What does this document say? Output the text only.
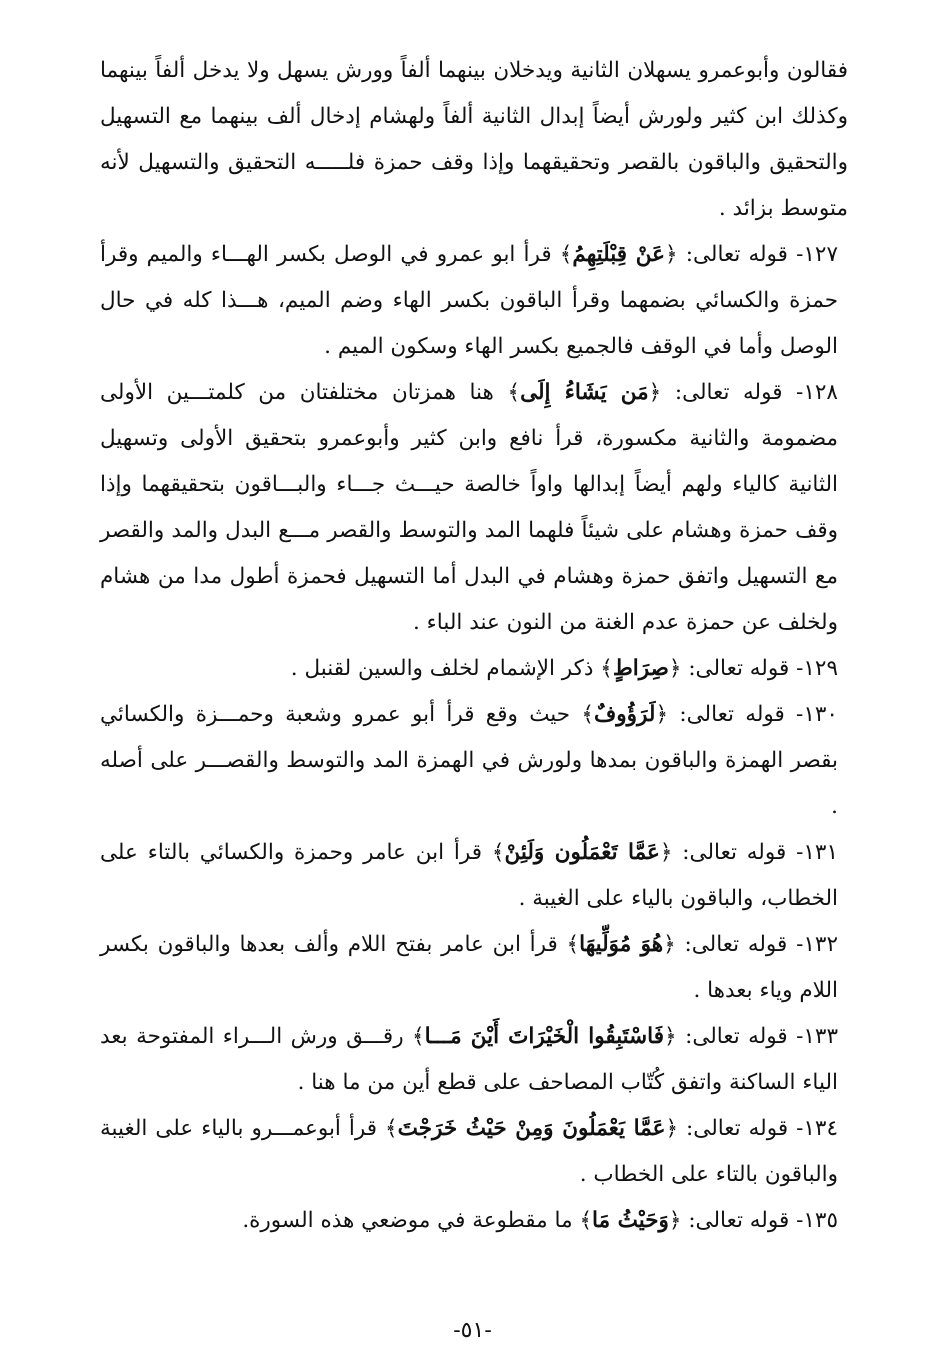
فقالون وأبوعمرو يسهلان الثانية ويدخلان بينهما ألفاً وورش يسهل ولا يدخل ألفاً بينهما وكذلك ابن كثير ولورش أيضاً إبدال الثانية ألفاً ولهشام إدخال ألف بينهما مع التسهيل والتحقيق والباقون بالقصر وتحقيقهما وإذا وقف حمزة فلـــــه التحقيق والتسهيل لأنه متوسط بزائد .

١٢٧- قوله تعالى: ﴿عَنْ قِبْلَتِهِمُ﴾ قرأ ابو عمرو في الوصل بكسر الهـــاء والميم وقرأ حمزة والكسائي بضمهما وقرأ الباقون بكسر الهاء وضم الميم، هـــذا كله في حال الوصل وأما في الوقف فالجميع بكسر الهاء وسكون الميم .

١٢٨- قوله تعالى: ﴿مَن يَشَاءُ إِلَى﴾ هنا همزتان مختلفتان من كلمتـــين الأولى مضمومة والثانية مكسورة، قرأ نافع وابن كثير وأبوعمرو بتحقيق الأولى وتسهيل الثانية كالياء ولهم أيضاً إبدالها واواً خالصة حيـــث جـــاء والبـــاقون بتحقيقهما وإذا وقف حمزة وهشام على شيئاً فلهما المد والتوسط والقصر مـــع البدل والمد والقصر مع التسهيل واتفق حمزة وهشام في البدل أما التسهيل فحمزة أطول مدا من هشام ولخلف عن حمزة عدم الغنة من النون عند الباء .

١٢٩- قوله تعالى: ﴿صِرَاطٍ﴾ ذكر الإشمام لخلف والسين لقنبل .

١٣٠- قوله تعالى: ﴿لَرَؤُوفٌ﴾ حيث وقع قرأ أبو عمرو وشعبة وحمـــزة والكسائي بقصر الهمزة والباقون بمدها ولورش في الهمزة المد والتوسط والقصـــر على أصله .

١٣١- قوله تعالى: ﴿عَمَّا تَعْمَلُون وَلَئِنْ﴾ قرأ ابن عامر وحمزة والكسائي بالتاء على الخطاب، والباقون بالياء على الغيبة .

١٣٢- قوله تعالى: ﴿هُوَ مُوَلِّيهَا﴾ قرأ ابن عامر بفتح اللام وألف بعدها والباقون بكسر اللام وياء بعدها .

١٣٣- قوله تعالى: ﴿فَاسْتَبِقُوا الْخَيْرَاتَ أَيْنَ مَـــا﴾ رقـــق ورش الـــراء المفتوحة بعد الياء الساكنة واتفق كُتّاب المصاحف على قطع أين من ما هنا .

١٣٤- قوله تعالى: ﴿عَمَّا يَعْمَلُونَ وَمِنْ حَيْثُ خَرَجْتَ﴾ قرأ أبوعمـــرو بالياء على الغيبة والباقون بالتاء على الخطاب .

١٣٥- قوله تعالى: ﴿وَحَيْثُ مَا﴾ ما مقطوعة في موضعي هذه السورة.

-٥١-
